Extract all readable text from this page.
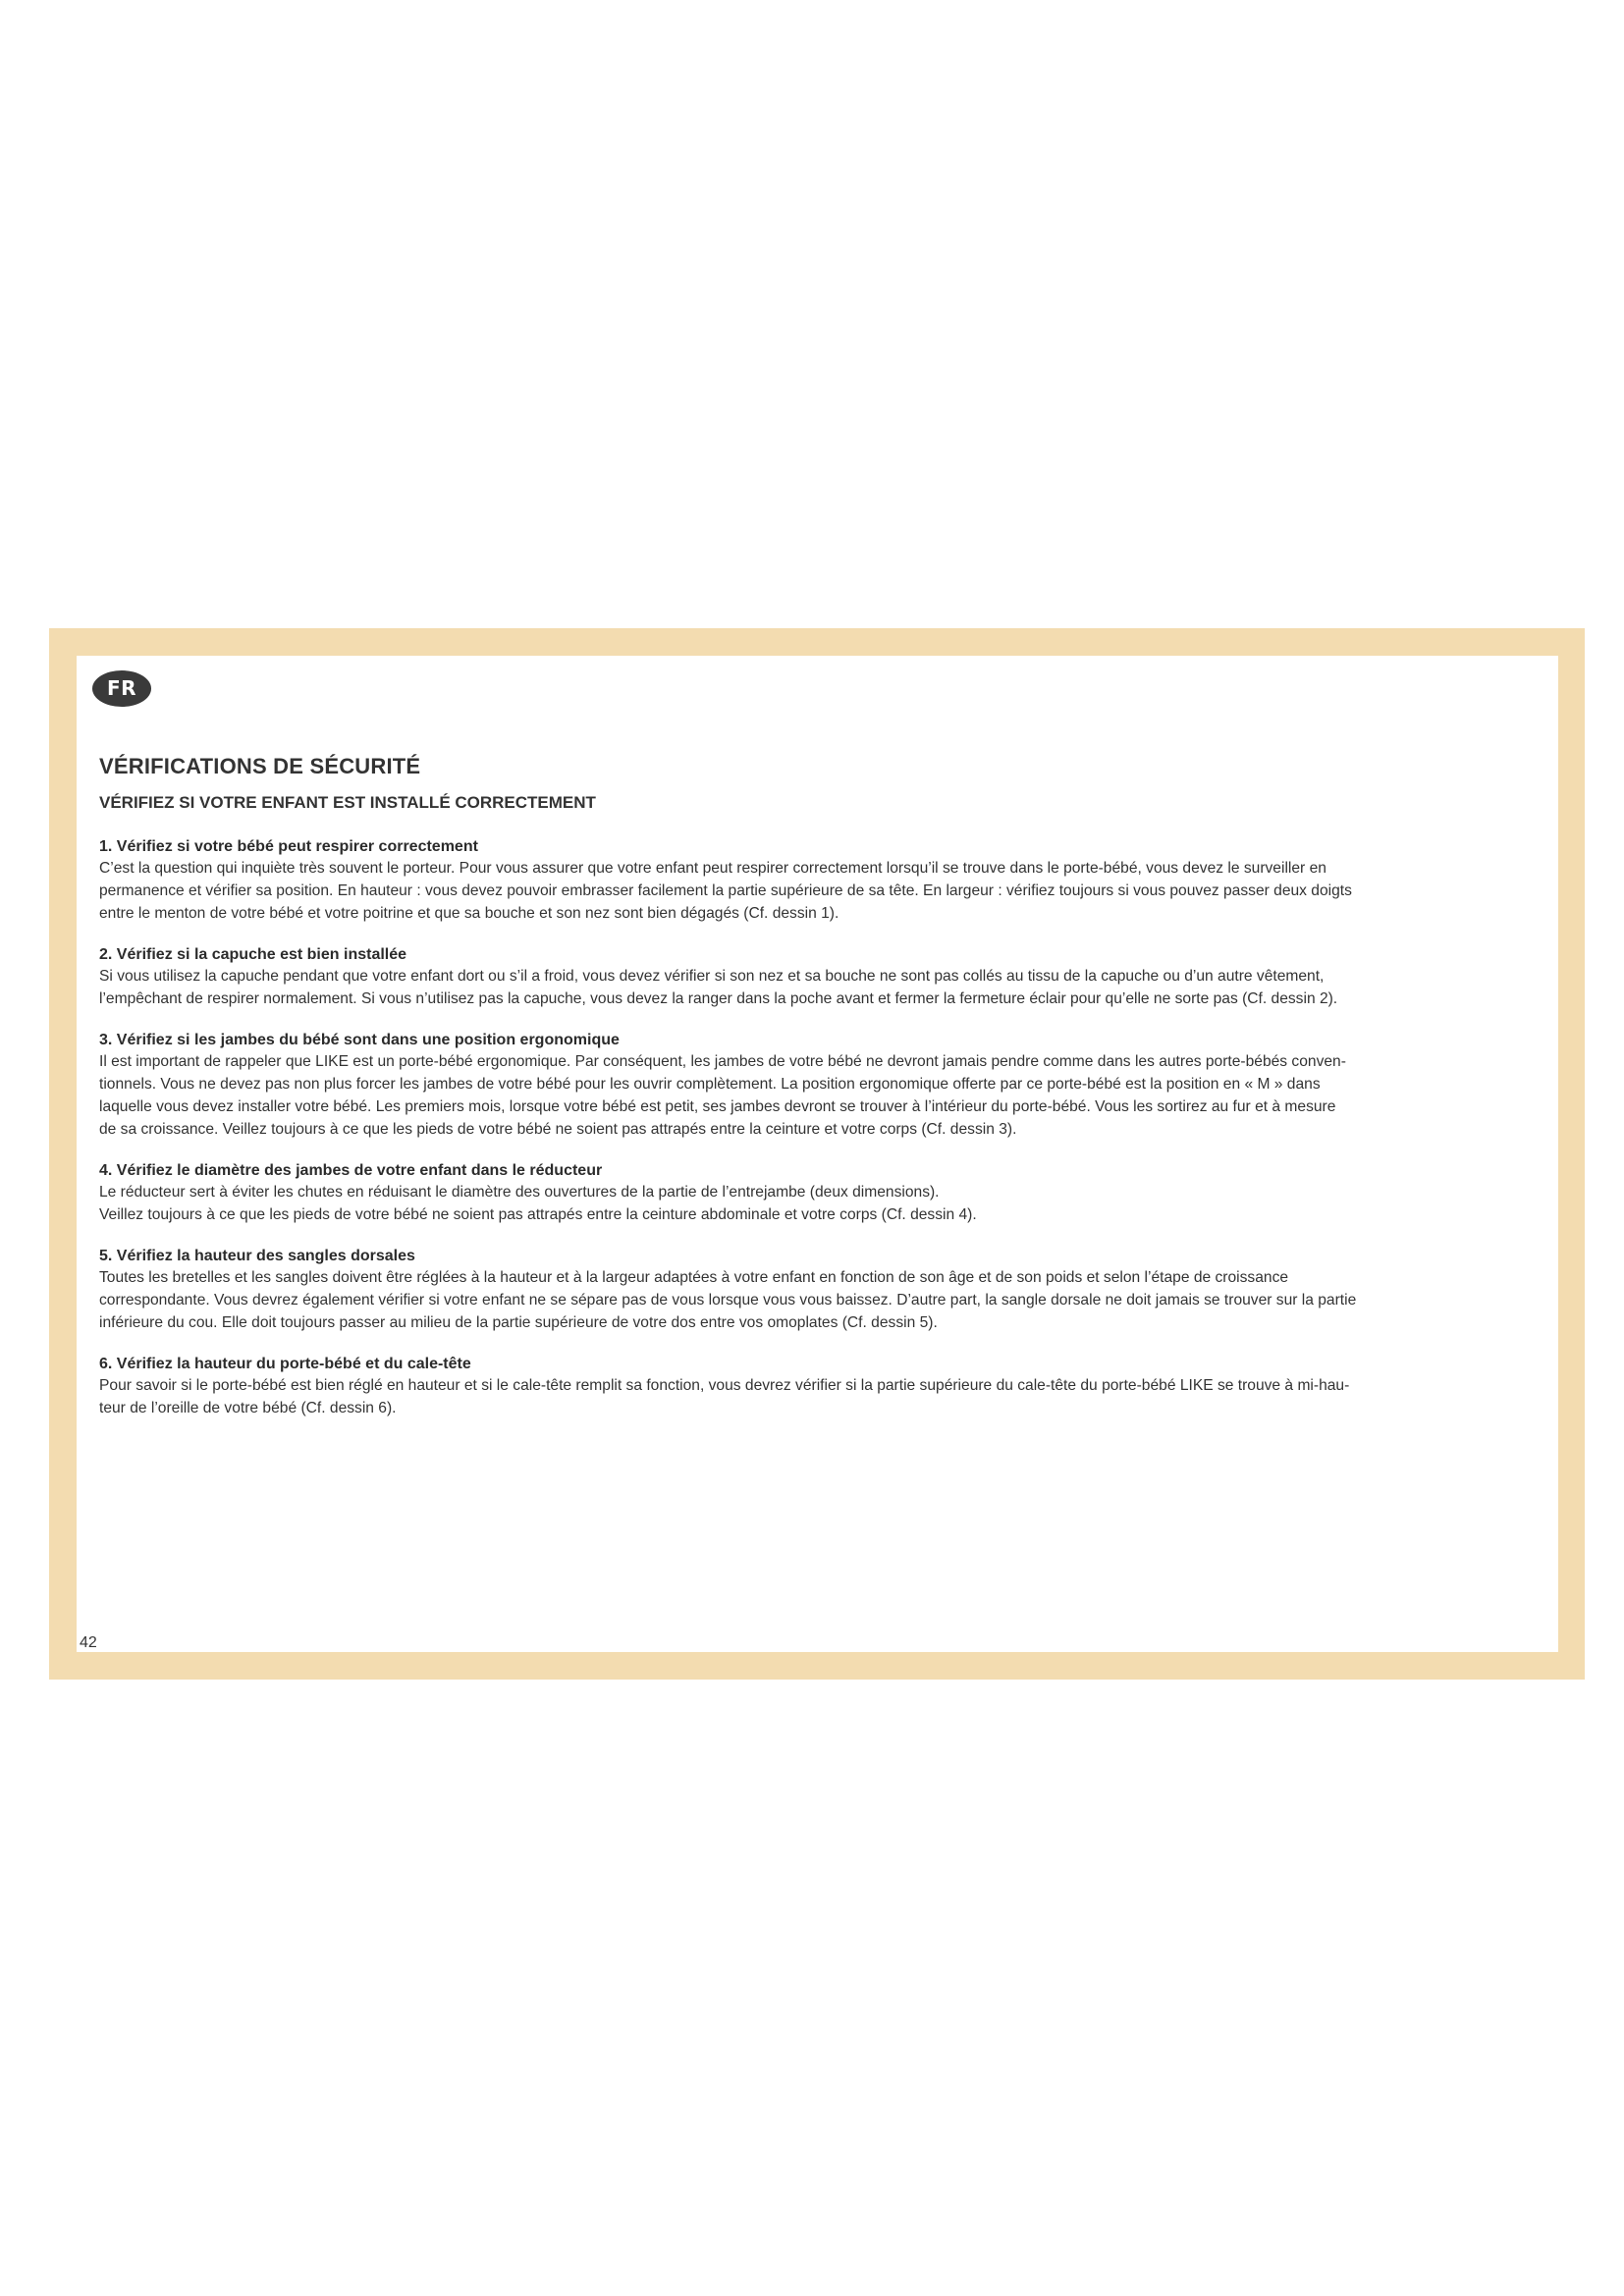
FR
VÉRIFICATIONS DE SÉCURITÉ
VÉRIFIEZ SI VOTRE ENFANT EST INSTALLÉ CORRECTEMENT
1. Vérifiez si votre bébé peut respirer correctement
C’est la question qui inquiète très souvent le porteur. Pour vous assurer que votre enfant peut respirer correctement lorsqu’il se trouve dans le porte-bébé, vous devez le surveiller en
permanence et vérifier sa position. En hauteur : vous devez pouvoir embrasser facilement la partie supérieure de sa tête. En largeur : vérifiez toujours si vous pouvez passer deux doigts
entre le menton de votre bébé et votre poitrine et que sa bouche et son nez sont bien dégagés (Cf. dessin 1).
2. Vérifiez si la capuche est bien installée
Si vous utilisez la capuche pendant que votre enfant dort ou s’il a froid, vous devez vérifier si son nez et sa bouche ne sont pas collés au tissu de la capuche ou d’un autre vêtement,
l’empêchant de respirer normalement. Si vous n’utilisez pas la capuche, vous devez la ranger dans la poche avant et fermer la fermeture éclair pour qu’elle ne sorte pas (Cf. dessin 2).
3. Vérifiez si les jambes du bébé sont dans une position ergonomique
Il est important de rappeler que LIKE est un porte-bébé ergonomique. Par conséquent, les jambes de votre bébé ne devront jamais pendre comme dans les autres porte-bébés conven-
tionnels. Vous ne devez pas non plus forcer les jambes de votre bébé pour les ouvrir complètement. La position ergonomique offerte par ce porte-bébé est la position en « M » dans
laquelle vous devez installer votre bébé. Les premiers mois, lorsque votre bébé est petit, ses jambes devront se trouver à l’intérieur du porte-bébé. Vous les sortirez au fur et à mesure
de sa croissance. Veillez toujours à ce que les pieds de votre bébé ne soient pas attrapés entre la ceinture et votre corps (Cf. dessin 3).
4. Vérifiez le diamètre des jambes de votre enfant dans le réducteur
Le réducteur sert à éviter les chutes en réduisant le diamètre des ouvertures de la partie de l’entrejambe (deux dimensions).
Veillez toujours à ce que les pieds de votre bébé ne soient pas attrapés entre la ceinture abdominale et votre corps (Cf. dessin 4).
5. Vérifiez la hauteur des sangles dorsales
Toutes les bretelles et les sangles doivent être réglées à la hauteur et à la largeur adaptées à votre enfant en fonction de son âge et de son poids et selon l’étape de croissance
correspondante. Vous devrez également vérifier si votre enfant ne se sépare pas de vous lorsque vous vous baissez. D’autre part, la sangle dorsale ne doit jamais se trouver sur la partie
inférieure du cou. Elle doit toujours passer au milieu de la partie supérieure de votre dos entre vos omoplates (Cf. dessin 5).
6. Vérifiez la hauteur du porte-bébé et du cale-tête
Pour savoir si le porte-bébé est bien réglé en hauteur et si le cale-tête remplit sa fonction, vous devrez vérifier si la partie supérieure du cale-tête du porte-bébé LIKE se trouve à mi-hau-
teur de l’oreille de votre bébé (Cf. dessin 6).
42
